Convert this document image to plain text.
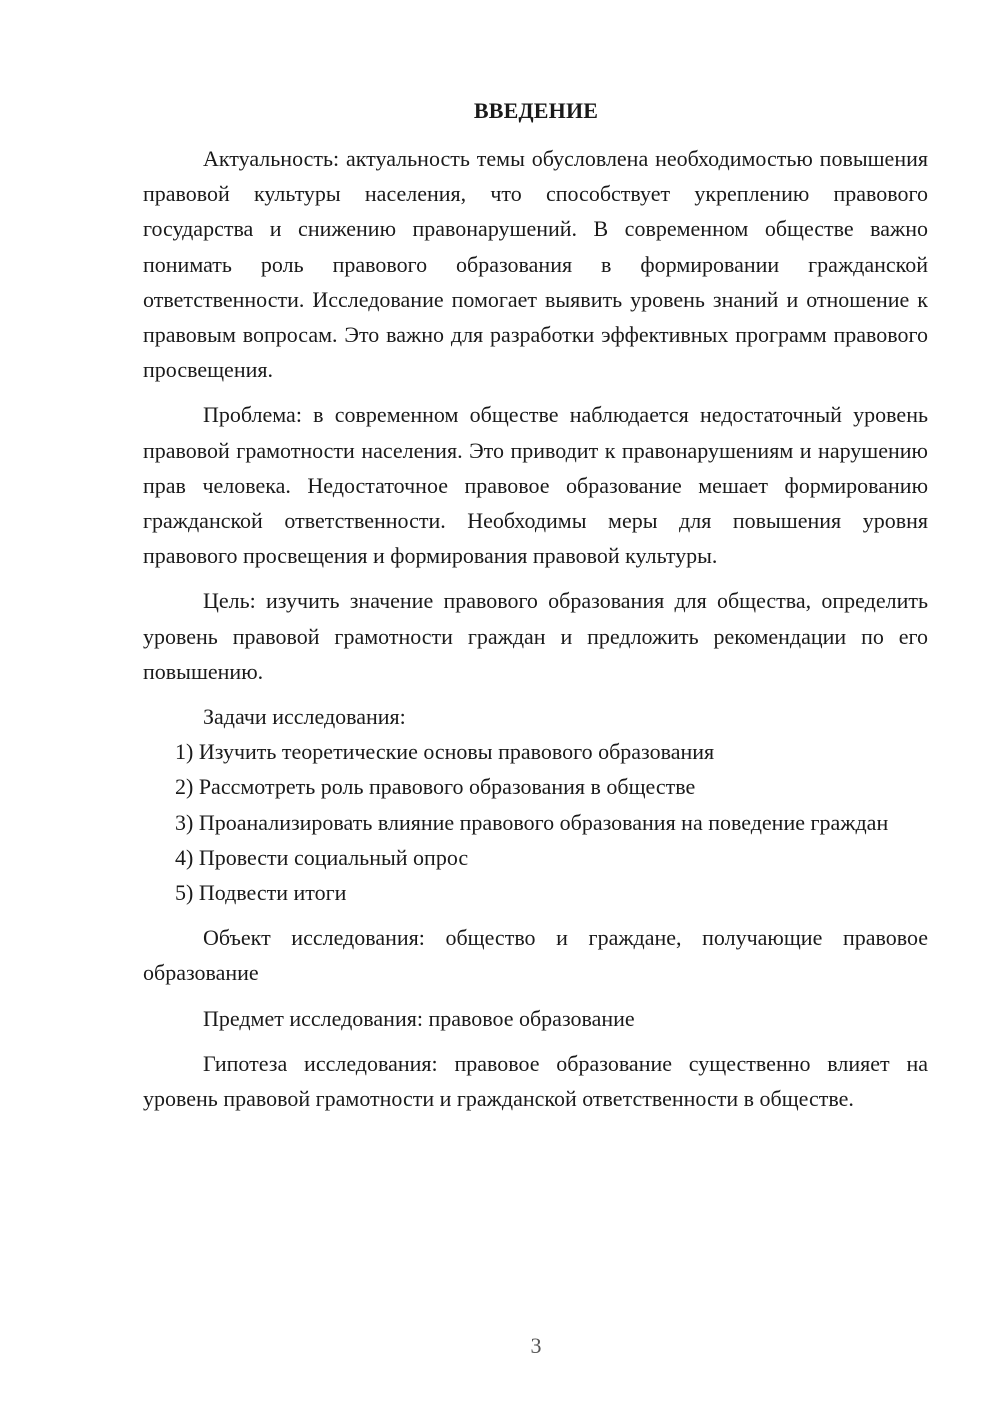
ВВЕДЕНИЕ

Актуальность: актуальность темы обусловлена необходимостью повышения правовой культуры населения, что способствует укреплению правового государства и снижению правонарушений. В современном обществе важно понимать роль правового образования в формировании гражданской ответственности. Исследование помогает выявить уровень знаний и отношение к правовым вопросам. Это важно для разработки эффективных программ правового просвещения.

Проблема: в современном обществе наблюдается недостаточный уровень правовой грамотности населения. Это приводит к правонарушениям и нарушению прав человека. Недостаточное правовое образование мешает формированию гражданской ответственности. Необходимы меры для повышения уровня правового просвещения и формирования правовой культуры.

Цель: изучить значение правового образования для общества, определить уровень правовой грамотности граждан и предложить рекомендации по его повышению.

Задачи исследования:

1) Изучить теоретические основы правового образования

2) Рассмотреть роль правового образования в обществе

3) Проанализировать влияние правового образования на поведение граждан

4) Провести социальный опрос

5) Подвести итоги

Объект исследования: общество и граждане, получающие правовое образование

Предмет исследования: правовое образование

Гипотеза исследования: правовое образование существенно влияет на уровень правовой грамотности и гражданской ответственности в обществе.

3
